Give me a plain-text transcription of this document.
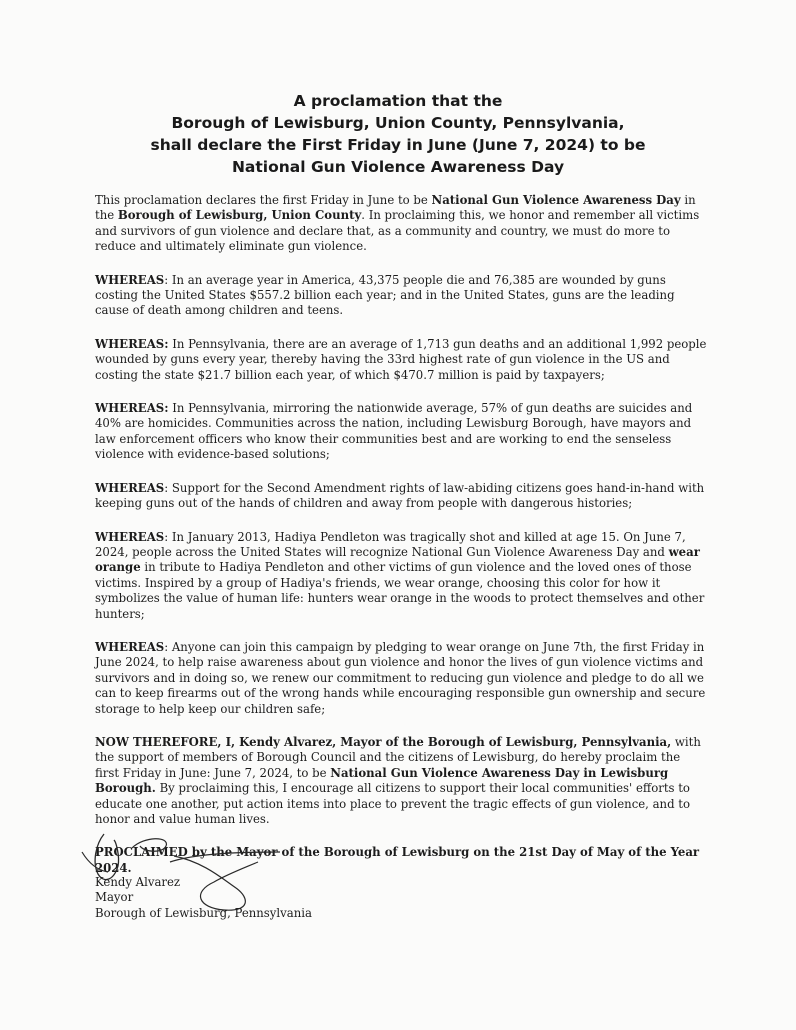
A proclamation that the
Borough of Lewisburg, Union County, Pennsylvania,
shall declare the First Friday in June (June 7, 2024) to be
National Gun Violence Awareness Day

This proclamation declares the first Friday in June to be National Gun Violence Awareness Day in the Borough of Lewisburg, Union County. In proclaiming this, we honor and remember all victims and survivors of gun violence and declare that, as a community and country, we must do more to reduce and ultimately eliminate gun violence.

WHEREAS: In an average year in America, 43,375 people die and 76,385 are wounded by guns costing the United States $557.2 billion each year; and in the United States, guns are the leading cause of death among children and teens.

WHEREAS: In Pennsylvania, there are an average of 1,713 gun deaths and an additional 1,992 people wounded by guns every year, thereby having the 33rd highest rate of gun violence in the US and costing the state $21.7 billion each year, of which $470.7 million is paid by taxpayers;

WHEREAS: In Pennsylvania, mirroring the nationwide average, 57% of gun deaths are suicides and 40% are homicides. Communities across the nation, including Lewisburg Borough, have mayors and law enforcement officers who know their communities best and are working to end the senseless violence with evidence-based solutions;

WHEREAS: Support for the Second Amendment rights of law-abiding citizens goes hand-in-hand with keeping guns out of the hands of children and away from people with dangerous histories;

WHEREAS: In January 2013, Hadiya Pendleton was tragically shot and killed at age 15. On June 7, 2024, people across the United States will recognize National Gun Violence Awareness Day and wear orange in tribute to Hadiya Pendleton and other victims of gun violence and the loved ones of those victims. Inspired by a group of Hadiya's friends, we wear orange, choosing this color for how it symbolizes the value of human life: hunters wear orange in the woods to protect themselves and other hunters;

WHEREAS: Anyone can join this campaign by pledging to wear orange on June 7th, the first Friday in June 2024, to help raise awareness about gun violence and honor the lives of gun violence victims and survivors and in doing so, we renew our commitment to reducing gun violence and pledge to do all we can to keep firearms out of the wrong hands while encouraging responsible gun ownership and secure storage to help keep our children safe;

NOW THEREFORE, I, Kendy Alvarez, Mayor of the Borough of Lewisburg, Pennsylvania, with the support of members of Borough Council and the citizens of Lewisburg, do hereby proclaim the first Friday in June: June 7, 2024, to be National Gun Violence Awareness Day in Lewisburg Borough. By proclaiming this, I encourage all citizens to support their local communities' efforts to educate one another, put action items into place to prevent the tragic effects of gun violence, and to honor and value human lives.

PROCLAIMED by the Mayor of the Borough of Lewisburg on the 21st Day of May of the Year 2024.

Kendy Alvarez
Mayor
Borough of Lewisburg, Pennsylvania
